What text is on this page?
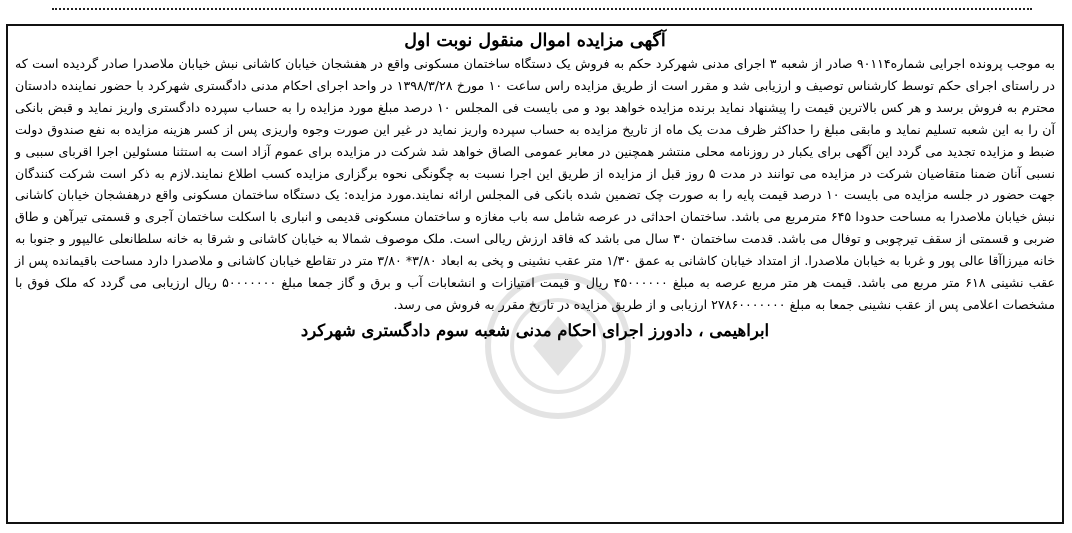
آگهی مزایده اموال منقول نوبت اول

به موجب پرونده اجرایی شماره۹۰۱۱۴ صادر از شعبه ۳ اجرای مدنی شهرکرد حکم به فروش یک دستگاه ساختمان مسکونی واقع در هفشجان خیابان کاشانی نبش خیابان ملاصدرا صادر گردیده است که در راستای اجرای حکم توسط کارشناس توصیف و ارزیابی شد و مقرر است از طریق مزایده راس ساعت ۱۰ مورخ ۱۳۹۸/۳/۲۸ در واحد اجرای احکام مدنی دادگستری شهرکرد با حضور نماینده دادستان محترم به فروش برسد و هر کس بالاترین قیمت را پیشنهاد نماید برنده مزایده خواهد بود و می بایست فی المجلس ۱۰ درصد مبلغ مورد مزایده را به حساب سپرده دادگستری واریز نماید و قبض بانکی آن را به این شعبه تسلیم نماید و مابقی مبلغ را حداکثر ظرف مدت یک ماه از تاریخ مزایده به حساب سپرده واریز نماید در غیر این صورت وجوه واریزی پس از کسر هزینه مزایده به نفع صندوق دولت ضبط و مزایده تجدید می گردد این آگهی برای یکبار در روزنامه محلی منتشر همچنین در معابر عمومی الصاق خواهد شد شرکت در مزایده برای عموم آزاد است به استثنا مسئولین اجرا اقربای سببی و نسبی آنان ضمنا متقاضیان شرکت در مزایده می توانند در مدت ۵ روز قبل از مزایده از طریق این اجرا نسبت به چگونگی نحوه برگزاری مزایده کسب اطلاع نمایند.لازم به ذکر است شرکت کنندگان جهت حضور در جلسه مزایده می بایست ۱۰ درصد قیمت پایه را به صورت چک تضمین شده بانکی فی المجلس ارائه نمایند.مورد مزایده: یک دستگاه ساختمان مسکونی واقع درهفشجان خیابان کاشانی نبش خیابان ملاصدرا به مساحت حدودا ۶۴۵ مترمربع می باشد. ساختمان احداثی در عرصه شامل سه باب مغازه و ساختمان مسکونی قدیمی و انباری با اسکلت ساختمان آجری و قسمتی تیرآهن و طاق ضربی و قسمتی از سقف تیرچوبی و توفال می باشد. قدمت ساختمان ۳۰ سال می باشد که فاقد ارزش ریالی است. ملک موصوف شمالا به خیابان کاشانی و شرقا به خانه سلطانعلی عالیپور و جنوبا به خانه میرزاآقا عالی پور و غربا به خیابان ملاصدرا. از امتداد خیابان کاشانی به عمق ۱/۳۰ متر عقب نشینی و پخی به ابعاد ۳/۸۰* ۳/۸۰ متر در تقاطع خیابان کاشانی و ملاصدرا دارد مساحت باقیمانده پس از عقب نشینی ۶۱۸ متر مربع می باشد. قیمت هر متر مربع عرصه به مبلغ ۴۵۰۰۰۰۰۰ ریال و قیمت امتیازات و انشعابات آب و برق و گاز جمعا مبلغ ۵۰۰۰۰۰۰۰ ریال ارزیابی می گردد که ملک فوق با مشخصات اعلامی پس از عقب نشینی جمعا به مبلغ ۲۷۸۶۰۰۰۰۰۰۰ ارزیابی و از طریق مزایده در تاریخ مقرر به فروش می رسد.

ابراهیمی ، دادورز اجرای احکام مدنی شعبه سوم دادگستری شهرکرد
